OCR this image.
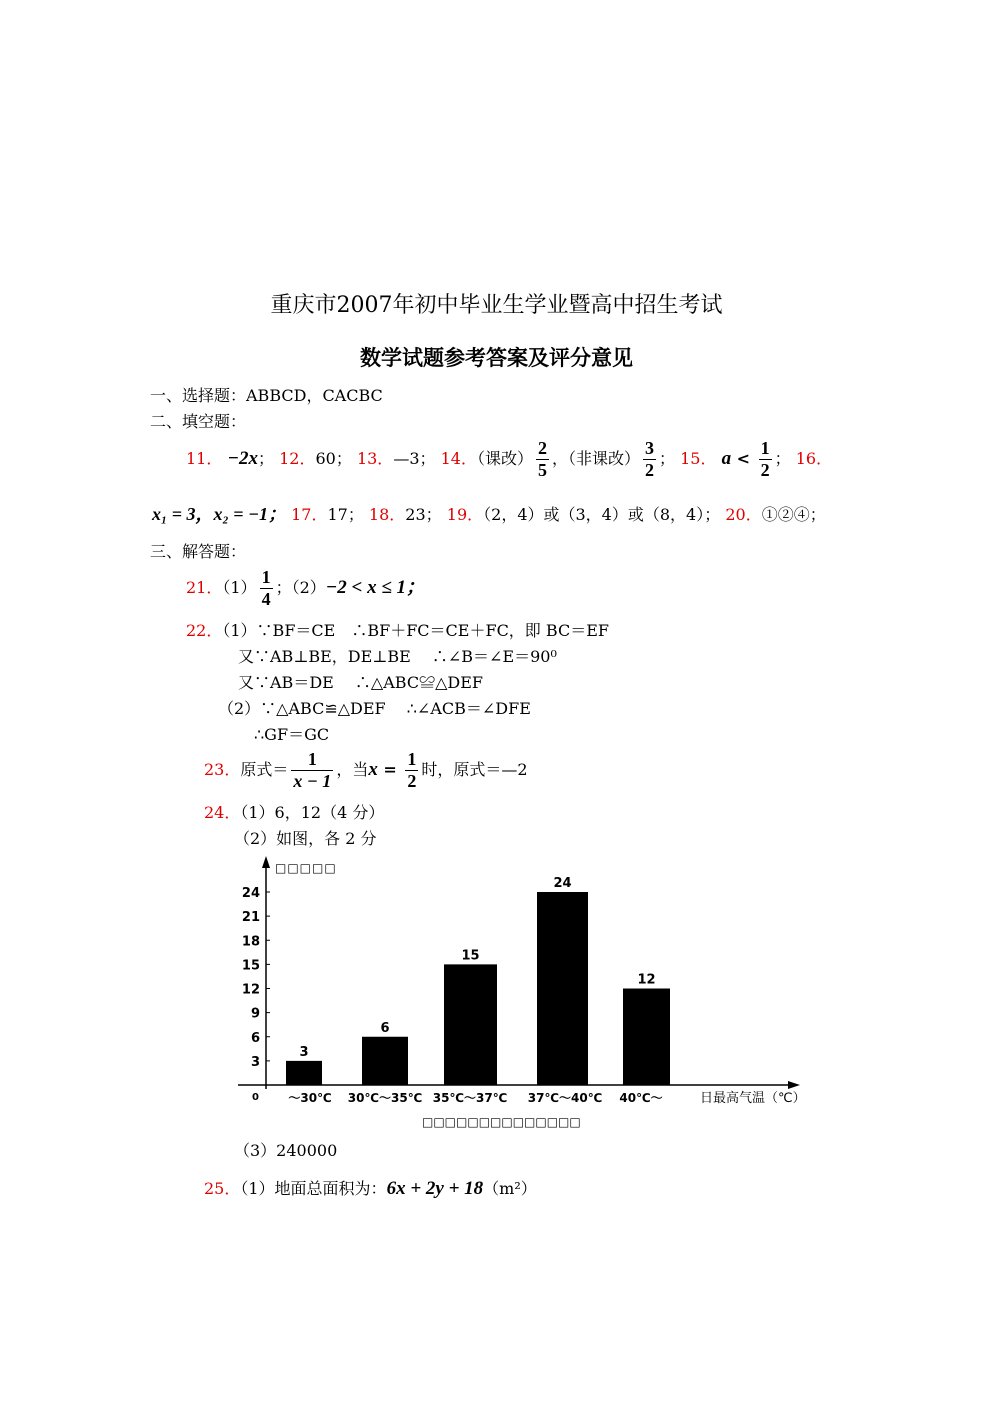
重庆市2007年初中毕业生学业暨高中招生考试
数学试题参考答案及评分意见
一、选择题：ABBCD，CACBC
二、填空题：
11． −2x； 12．60； 13．—3； 14．（课改） $\frac{2}{5}$ ，（非课改） $\frac{3}{2}$ ； 15． $a < \frac{1}{2}$ ； 16．
x₁ = 3，x₂ = −1； 17．17； 18．23； 19．（2，4）或（3，4）或（8，4）； 20．①②④；
三、解答题：
21．$(1) \frac{1}{4}$ ；（2）−2 < x ≤ 1；
22．（1）∵BF＝CE　∴BF＋FC＝CE＋FC，即 BC＝EF
又∵AB⊥BE，DE⊥BE　 ∴∠B＝∠E＝90⁰
又∵AB＝DE　 ∴△ABC≌△DEF
（2）∵△ABC≌△DEF　 ∴∠ACB＝∠DFE
∴GF＝GC
23．原式＝ $\frac{1}{x - 1}$ ，当$x = \frac{1}{2}$ 时，原式＝—2
24．（1）6，12（4 分）
（2）如图，各 2 分
3
6
9
12
15
18
21
24
3
～30℃
6
30℃～35℃
15
35℃～37℃
24
37℃～40℃
12
40℃～
□□□□□
日最高气温（℃）
□□□□□□□□□□□□□□
0
（3）240000
25．（1）地面总面积为：6x + 2y + 18（m²）
